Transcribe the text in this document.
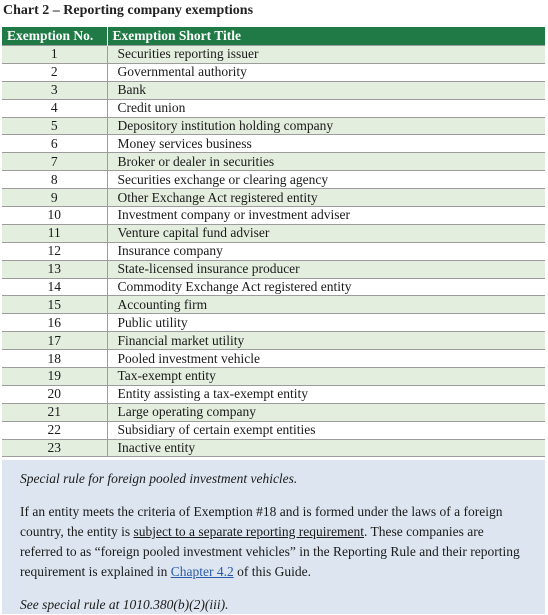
Chart 2 – Reporting company exemptions
Exemption No.	Exemption Short Title
1	Securities reporting issuer
2	Governmental authority
3	Bank
4	Credit union
5	Depository institution holding company
6	Money services business
7	Broker or dealer in securities
8	Securities exchange or clearing agency
9	Other Exchange Act registered entity
10	Investment company or investment adviser
11	Venture capital fund adviser
12	Insurance company
13	State-licensed insurance producer
14	Commodity Exchange Act registered entity
15	Accounting firm
16	Public utility
17	Financial market utility
18	Pooled investment vehicle
19	Tax-exempt entity
20	Entity assisting a tax-exempt entity
21	Large operating company
22	Subsidiary of certain exempt entities
23	Inactive entity

Special rule for foreign pooled investment vehicles.

If an entity meets the criteria of Exemption #18 and is formed under the laws of a foreign country, the entity is subject to a separate reporting requirement. These companies are referred to as “foreign pooled investment vehicles” in the Reporting Rule and their reporting requirement is explained in Chapter 4.2 of this Guide.

See special rule at 1010.380(b)(2)(iii).
